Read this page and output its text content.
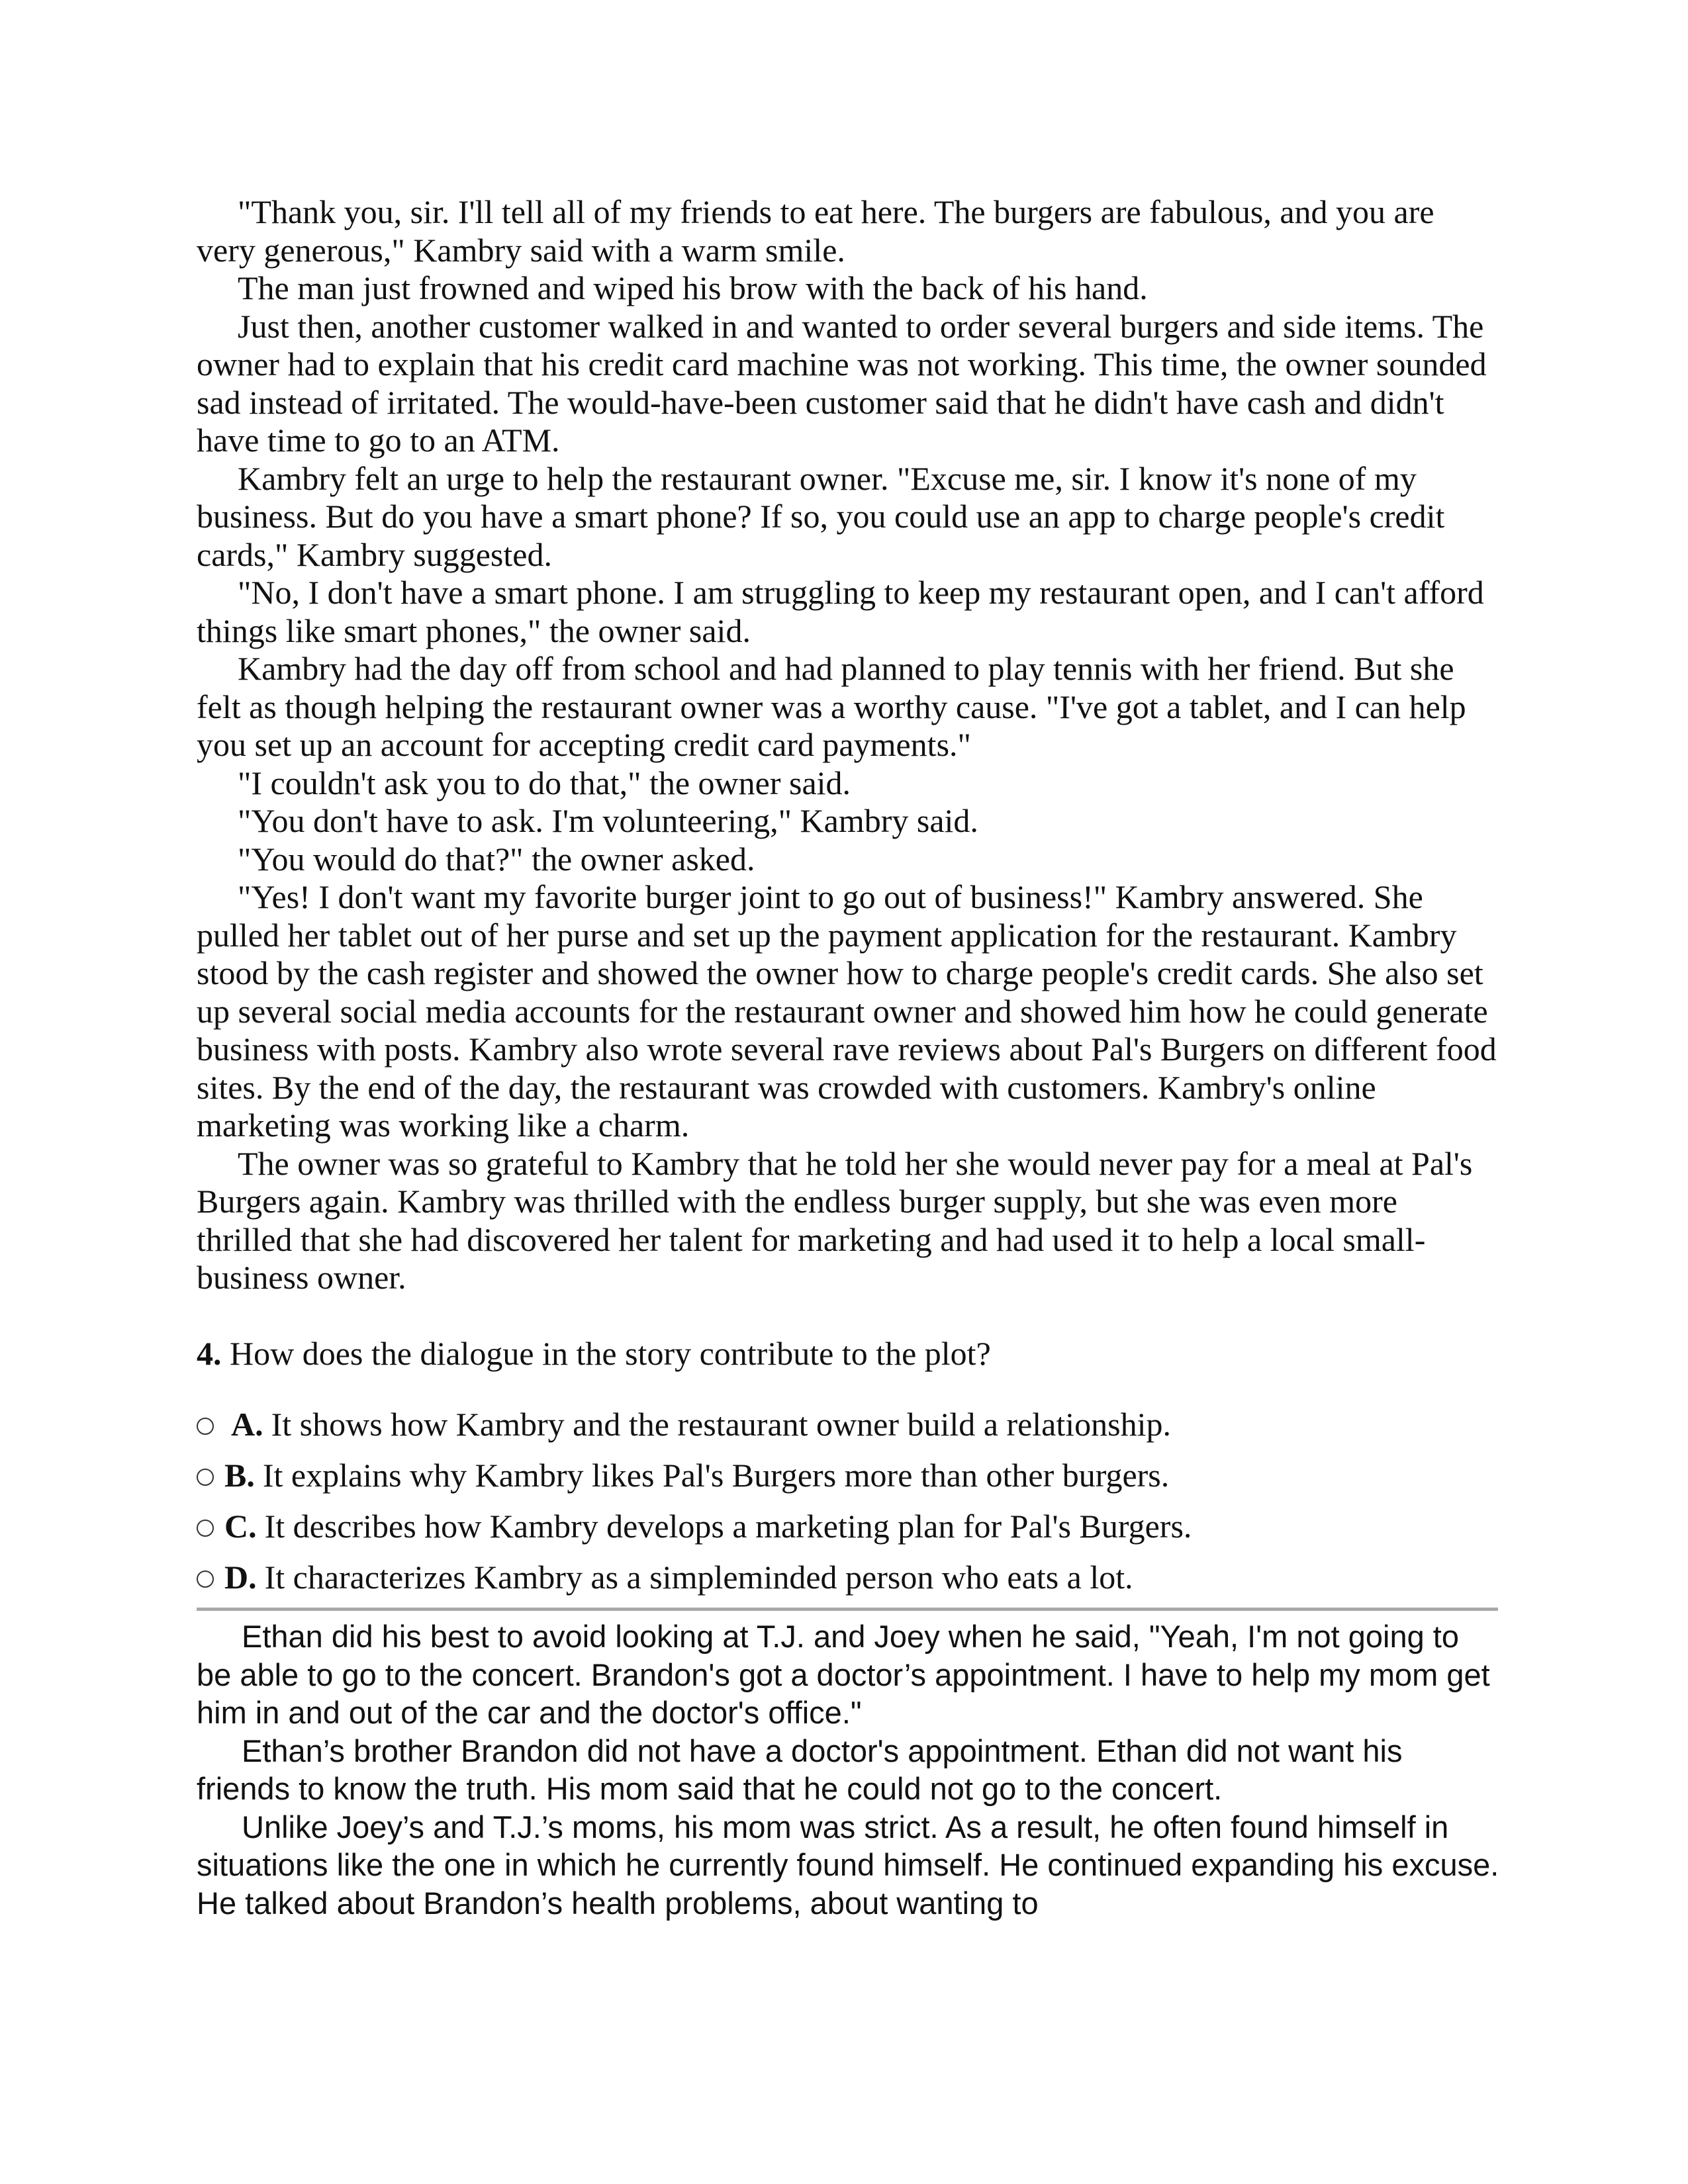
"Thank you, sir. I'll tell all of my friends to eat here. The burgers are fabulous, and you are very generous," Kambry said with a warm smile.

The man just frowned and wiped his brow with the back of his hand.

Just then, another customer walked in and wanted to order several burgers and side items. The owner had to explain that his credit card machine was not working. This time, the owner sounded sad instead of irritated. The would-have-been customer said that he didn't have cash and didn't have time to go to an ATM.

Kambry felt an urge to help the restaurant owner. "Excuse me, sir. I know it's none of my business. But do you have a smart phone? If so, you could use an app to charge people's credit cards," Kambry suggested.

"No, I don't have a smart phone. I am struggling to keep my restaurant open, and I can't afford things like smart phones," the owner said.

Kambry had the day off from school and had planned to play tennis with her friend. But she felt as though helping the restaurant owner was a worthy cause. "I've got a tablet, and I can help you set up an account for accepting credit card payments."

"I couldn't ask you to do that," the owner said.

"You don't have to ask. I'm volunteering," Kambry said.

"You would do that?" the owner asked.

"Yes! I don't want my favorite burger joint to go out of business!" Kambry answered. She pulled her tablet out of her purse and set up the payment application for the restaurant. Kambry stood by the cash register and showed the owner how to charge people's credit cards. She also set up several social media accounts for the restaurant owner and showed him how he could generate business with posts. Kambry also wrote several rave reviews about Pal's Burgers on different food sites. By the end of the day, the restaurant was crowded with customers. Kambry's online marketing was working like a charm.

The owner was so grateful to Kambry that he told her she would never pay for a meal at Pal's Burgers again. Kambry was thrilled with the endless burger supply, but she was even more thrilled that she had discovered her talent for marketing and had used it to help a local small-business owner.

4. How does the dialogue in the story contribute to the plot?
A. It shows how Kambry and the restaurant owner build a relationship.
B. It explains why Kambry likes Pal's Burgers more than other burgers.
C. It describes how Kambry develops a marketing plan for Pal's Burgers.
D. It characterizes Kambry as a simpleminded person who eats a lot.

Ethan did his best to avoid looking at T.J. and Joey when he said, "Yeah, I'm not going to be able to go to the concert. Brandon's got a doctor’s appointment. I have to help my mom get him in and out of the car and the doctor's office."

Ethan’s brother Brandon did not have a doctor's appointment. Ethan did not want his friends to know the truth. His mom said that he could not go to the concert.

Unlike Joey’s and T.J.’s moms, his mom was strict. As a result, he often found himself in situations like the one in which he currently found himself. He continued expanding his excuse. He talked about Brandon’s health problems, about wanting to
